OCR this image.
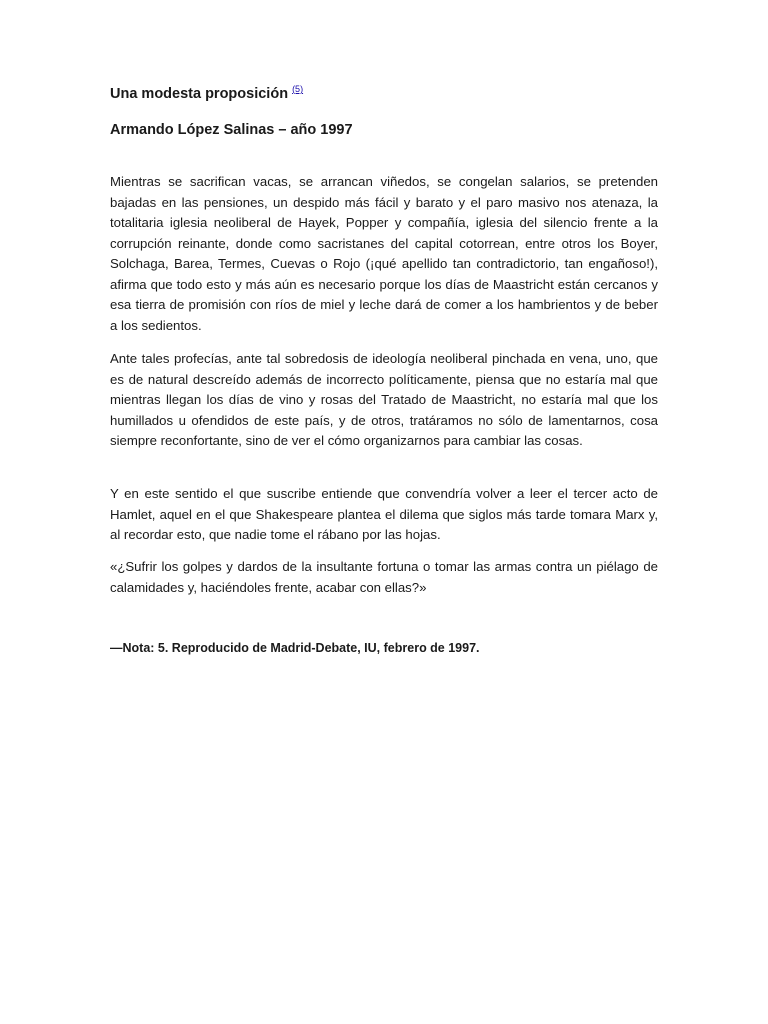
Una modesta proposición $^{(5)}$
Armando López Salinas – año 1997

Mientras se sacrifican vacas, se arrancan viñedos, se congelan salarios, se pretenden bajadas en las pensiones, un despido más fácil y barato y el paro masivo nos atenaza, la totalitaria iglesia neoliberal de Hayek, Popper y compañía, iglesia del silencio frente a la corrupción reinante, donde como sacristanes del capital cotorrean, entre otros los Boyer, Solchaga, Barea, Termes, Cuevas o Rojo (¡qué apellido tan contradictorio, tan engañoso!), afirma que todo esto y más aún es necesario porque los días de Maastricht están cercanos y esa tierra de promisión con ríos de miel y leche dará de comer a los hambrientos y de beber a los sedientos.

Ante tales profecías, ante tal sobredosis de ideología neoliberal pinchada en vena, uno, que es de natural descreído además de incorrecto políticamente, piensa que no estaría mal que mientras llegan los días de vino y rosas del Tratado de Maastricht, no estaría mal que los humillados u ofendidos de este país, y de otros, tratáramos no sólo de lamentarnos, cosa siempre reconfortante, sino de ver el cómo organizarnos para cambiar las cosas.

Y en este sentido el que suscribe entiende que convendría volver a leer el tercer acto de Hamlet, aquel en el que Shakespeare plantea el dilema que siglos más tarde tomara Marx y, al recordar esto, que nadie tome el rábano por las hojas.

«¿Sufrir los golpes y dardos de la insultante fortuna o tomar las armas contra un piélago de calamidades y, haciéndoles frente, acabar con ellas?»

—Nota: 5. Reproducido de Madrid-Debate, IU, febrero de 1997.
